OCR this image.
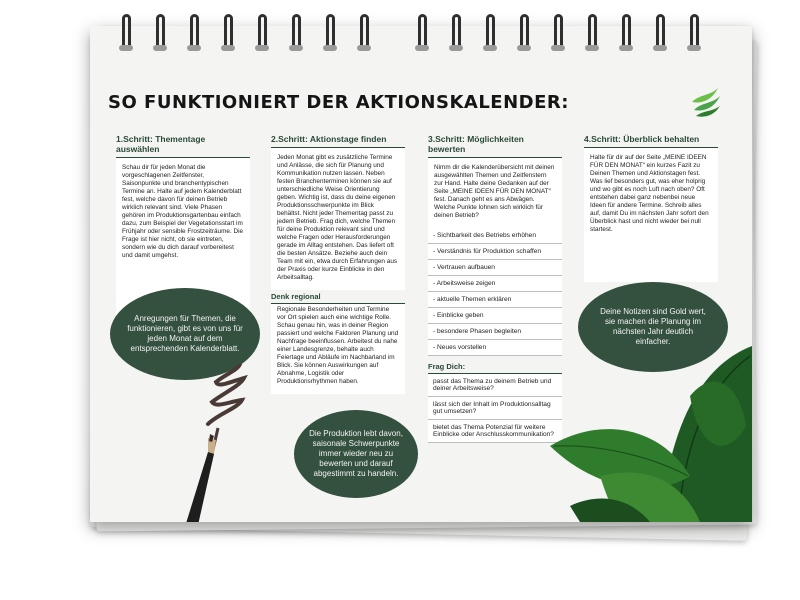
SO FUNKTIONIERT DER AKTIONSKALENDER:
1.Schritt: Thementage auswählen

Schau dir für jeden Monat die vorgeschlagenen Zeitfenster, Saisonpunkte und branchentypischen Termine an. Halte auf jedem Kalenderblatt fest, welche davon für deinen Betrieb wirklich relevant sind. Viele Phasen gehören im Produktionsgartenbau einfach dazu, zum Beispiel der Vegetationsstart im Frühjahr oder sensible Frostzeiträume. Die Frage ist hier nicht, ob sie eintreten, sondern wie du dich darauf vorbereitest und damit umgehst.

2.Schritt: Aktionstage finden

Jeden Monat gibt es zusätzliche Termine und Anlässe, die sich für Planung und Kommunikation nutzen lassen. Neben festen Branchenterminen können sie auf unterschiedliche Weise Orientierung geben. Wichtig ist, dass du deine eigenen Produktionsschwerpunkte im Blick behältst. Nicht jeder Thementag passt zu jedem Betrieb. Frag dich, welche Themen für deine Produktion relevant sind und welche Fragen oder Herausforderungen gerade im Alltag entstehen. Das liefert oft die besten Ansätze. Beziehe auch dein Team mit ein, etwa durch Erfahrungen aus der Praxis oder kurze Einblicke in den Arbeitsalltag.

Denk regional

Regionale Besonderheiten und Termine vor Ort spielen auch eine wichtige Rolle. Schau genau hin, was in deiner Region passiert und welche Faktoren Planung und Nachfrage beeinflussen. Arbeitest du nahe einer Landesgrenze, behalte auch Feiertage und Abläufe im Nachbarland im Blick. Sie können Auswirkungen auf Abnahme, Logistik oder Produktionsrhythmen haben.

3.Schritt: Möglichkeiten bewerten

Nimm dir die Kalenderübersicht mit deinen ausgewählten Themen und Zeitfenstern zur Hand. Halte deine Gedanken auf der Seite „MEINE IDEEN FÜR DEN MONAT“ fest. Danach geht es ans Abwägen. Welche Punkte lohnen sich wirklich für deinen Betrieb?

- Sichtbarkeit des Betriebs erhöhen
- Verständnis für Produktion schaffen
- Vertrauen aufbauen
- Arbeitsweise zeigen
- aktuelle Themen erklären
- Einblicke geben
- besondere Phasen begleiten
- Neues vorstellen
Frag Dich:
passt das Thema zu deinem Betrieb und deiner Arbeitsweise?
lässt sich der Inhalt im Produktionsalltag gut umsetzen?
bietet das Thema Potenzial für weitere Einblicke oder Anschlusskommunikation?
4.Schritt: Überblick behalten

Halte für dir auf der Seite „MEINE IDEEN FÜR DEN MONAT“ ein kurzes Fazit zu Deinen Themen und Aktionstagen fest. Was lief besonders gut, was eher holprig und wo gibt es noch Luft nach oben? Oft entstehen dabei ganz nebenbei neue Ideen für andere Termine. Schreib alles auf, damit Du im nächsten Jahr sofort den Überblick hast und nicht wieder bei null startest.

Anregungen für Themen, die funktionieren, gibt es von uns für jeden Monat auf dem entsprechenden Kalenderblatt.
Die Produktion lebt davon, saisonale Schwerpunkte immer wieder neu zu bewerten und darauf abgestimmt zu handeln.
Deine Notizen sind Gold wert, sie machen die Planung im nächsten Jahr deutlich einfacher.
